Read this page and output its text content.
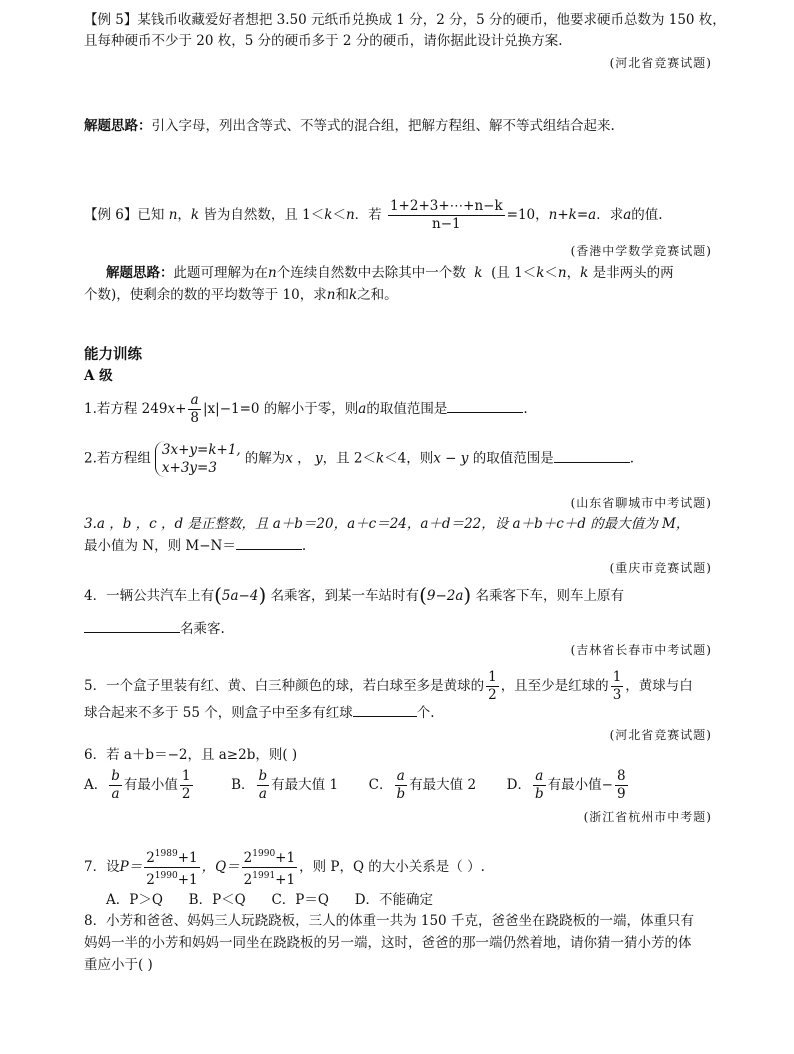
【例 5】某钱币收藏爱好者想把 3.50 元纸币兑换成 1 分，2 分，5 分的硬币，他要求硬币总数为 150 枚，
且每种硬币不少于 20 枚，5 分的硬币多于 2 分的硬币，请你据此设计兑换方案.
(河北省竞赛试题)
解题思路：引入字母，列出含等式、不等式的混合组，把解方程组、解不等式组结合起来.
【例 6】已知 n，k 皆为自然数，且 1＜k＜n．若 $\frac{1+2+3+\cdots+n-k}{n-1} =10$，n+k=a．求a的值.
(香港中学数学竞赛试题)
解题思路：此题可理解为在n个连续自然数中去除其中一个数 k (且 1＜k＜n，k 是非两头的两
个数)，使剩余的数的平均数等于 10，求n和k之和。
能力训练
A 级
1.若方程 $249x+ \frac{a}{8} |x|-1=0$ 的解小于零，则a的取值范围是	.
2.若方程组
3x+y=k+1,
x+3y=3
的解为x ， y，且 2＜k＜4，则x − y 的取值范围是	.
(山东省聊城市中考试题)
3.a ，b ，c ，d 是正整数，且 a＋b＝20，a＋c＝24，a＋d＝22，设 a＋b＋c＋d 的最大值为 M，
最小值为 N，则 M−N＝	.
(重庆市竞赛试题)
4．一辆公共汽车上有(5a−4) 名乘客，到某一车站时有(9−2a) 名乘客下车，则车上原有
名乘客.
(吉林省长春市中考试题)
5．一个盒子里装有红、黄、白三种颜色的球，若白球至多是黄球的 $\frac{1}{2}$ ，且至少是红球的 $\frac{1}{3}$ ，黄球与白
球合起来不多于 55 个，则盒子中至多有红球	个.
(河北省竞赛试题)
6．若 a＋b＝−2，且 a≥2b，则( )
A． $\frac{b}{a}$ 有最小值 $\frac{1}{2}$	B． $\frac{b}{a}$ 有最大值 1 C． $\frac{a}{b}$ 有最大值 2 D． $\frac{a}{b}$ 有最小值− $\frac{8}{9}$
(浙江省杭州市中考题)
7．设$P= \frac{2^{1989}+1}{2^{1990}+1}$ ，$Q= \frac{2^{1990}+1}{2^{1991}+1}$ ，则 P，Q 的大小关系是（ ）.
A．P＞Q      B．P＜Q      C．P＝Q      D．不能确定
8．小芳和爸爸、妈妈三人玩跷跷板，三人的体重一共为 150 千克，爸爸坐在跷跷板的一端，体重只有
妈妈一半的小芳和妈妈一同坐在跷跷板的另一端，这时，爸爸的那一端仍然着地，请你猜一猜小芳的体
重应小于( )
